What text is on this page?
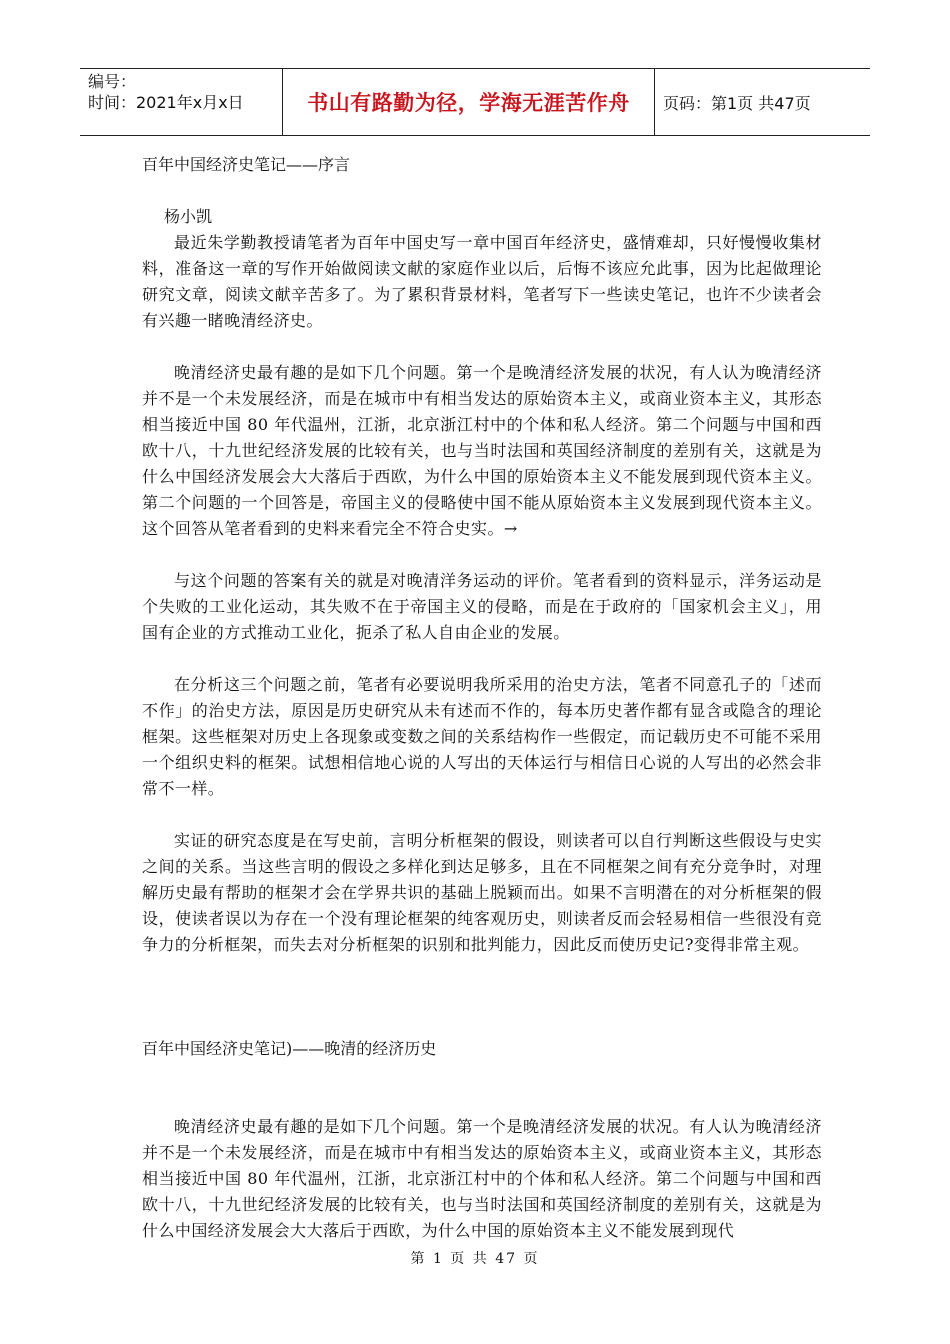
编号：
时间：2021年x月x日	书山有路勤为径，学海无涯苦作舟	页码：第1页 共47页

百年中国经济史笔记——序言

杨小凯

最近朱学勤教授请笔者为百年中国史写一章中国百年经济史，盛情难却，只好慢慢收集材料，准备这一章的写作开始做阅读文献的家庭作业以后，后悔不该应允此事，因为比起做理论研究文章，阅读文献辛苦多了。为了累积背景材料，笔者写下一些读史笔记，也许不少读者会有兴趣一睹晚清经济史。

晚清经济史最有趣的是如下几个问题。第一个是晚清经济发展的状况，有人认为晚清经济并不是一个未发展经济，而是在城市中有相当发达的原始资本主义，或商业资本主义，其形态相当接近中国 80 年代温州，江浙，北京浙江村中的个体和私人经济。第二个问题与中国和西欧十八，十九世纪经济发展的比较有关，也与当时法国和英国经济制度的差别有关，这就是为什么中国经济发展会大大落后于西欧，为什么中国的原始资本主义不能发展到现代资本主义。第二个问题的一个回答是，帝国主义的侵略使中国不能从原始资本主义发展到现代资本主义。这个回答从笔者看到的史料来看完全不符合史实。→

与这个问题的答案有关的就是对晚清洋务运动的评价。笔者看到的资料显示，洋务运动是个失败的工业化运动，其失败不在于帝国主义的侵略，而是在于政府的「国家机会主义」，用国有企业的方式推动工业化，扼杀了私人自由企业的发展。

在分析这三个问题之前，笔者有必要说明我所采用的治史方法，笔者不同意孔子的「述而不作」的治史方法，原因是历史研究从未有述而不作的，每本历史著作都有显含或隐含的理论框架。这些框架对历史上各现象或变数之间的关系结构作一些假定，而记载历史不可能不采用一个组织史料的框架。试想相信地心说的人写出的天体运行与相信日心说的人写出的必然会非常不一样。

实证的研究态度是在写史前，言明分析框架的假设，则读者可以自行判断这些假设与史实之间的关系。当这些言明的假设之多样化到达足够多，且在不同框架之间有充分竞争时，对理解历史最有帮助的框架才会在学界共识的基础上脱颖而出。如果不言明潜在的对分析框架的假设，使读者误以为存在一个没有理论框架的纯客观历史，则读者反而会轻易相信一些很没有竞争力的分析框架，而失去对分析框架的识别和批判能力，因此反而使历史记?变得非常主观。

百年中国经济史笔记)——晚清的经济历史

晚清经济史最有趣的是如下几个问题。第一个是晚清经济发展的状况。有人认为晚清经济并不是一个未发展经济，而是在城市中有相当发达的原始资本主义，或商业资本主义，其形态相当接近中国 80 年代温州，江浙，北京浙江村中的个体和私人经济。第二个问题与中国和西欧十八，十九世纪经济发展的比较有关，也与当时法国和英国经济制度的差别有关，这就是为什么中国经济发展会大大落后于西欧，为什么中国的原始资本主义不能发展到现代

第 1 页 共 47 页
